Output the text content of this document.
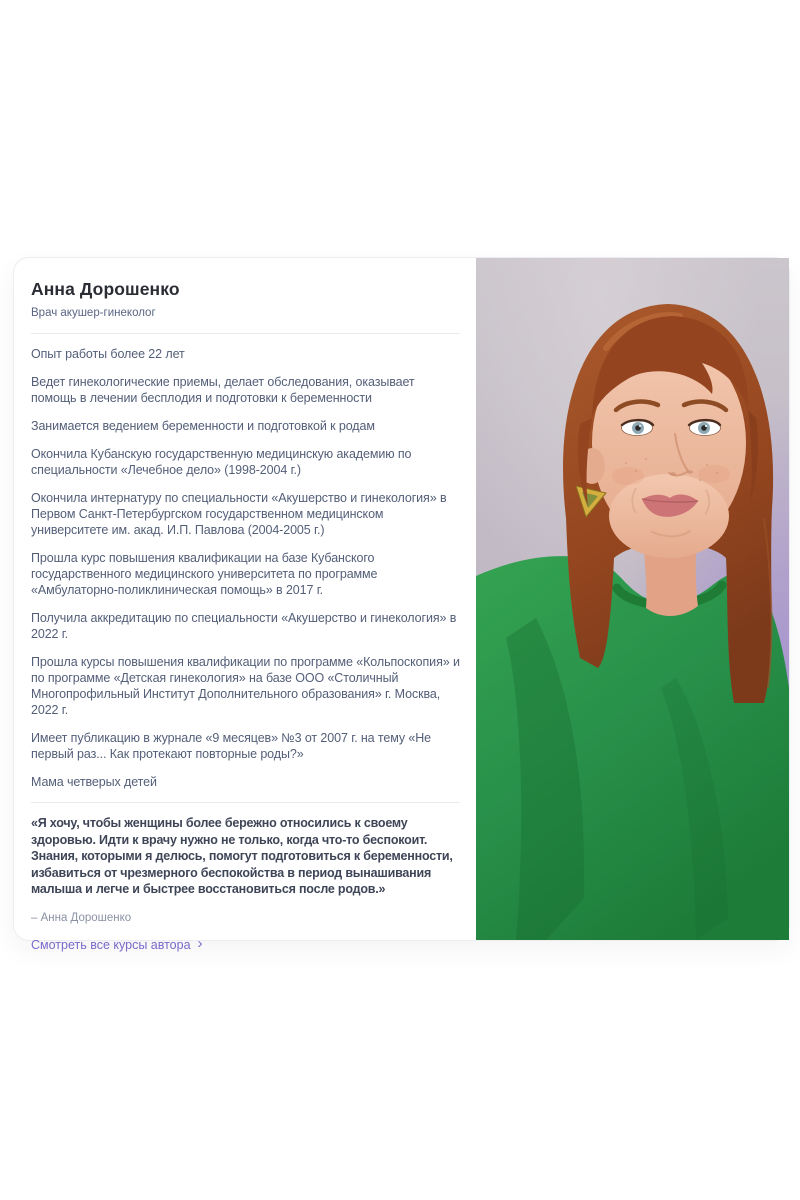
Анна Дорошенко
Врач акушер-гинеколог

Опыт работы более 22 лет

Ведет гинекологические приемы, делает обследования, оказывает помощь в лечении бесплодия и подготовки к беременности

Занимается ведением беременности и подготовкой к родам

Окончила Кубанскую государственную медицинскую академию по специальности «Лечебное дело» (1998-2004 г.)

Окончила интернатуру по специальности «Акушерство и гинекология» в Первом Санкт-Петербургском государственном медицинском университете им. акад. И.П. Павлова (2004-2005 г.)

Прошла курс повышения квалификации на базе Кубанского государственного медицинского университета по программе «Амбулаторно-поликлиническая помощь» в 2017 г.

Получила аккредитацию по специальности «Акушерство и гинекология» в 2022 г.

Прошла курсы повышения квалификации по программе «Кольпоскопия» и по программе «Детская гинекология» на базе ООО «Столичный Многопрофильный Институт Дополнительного образования» г. Москва, 2022 г.

Имеет публикацию в журнале «9 месяцев» №3 от 2007 г. на тему «Не первый раз... Как протекают повторные роды?»

Мама четверых детей

«Я хочу, чтобы женщины более бережно относились к своему здоровью. Идти к врачу нужно не только, когда что-то беспокоит. Знания, которыми я делюсь, помогут подготовиться к беременности, избавиться от чрезмерного беспокойства в период вынашивания малыша и легче и быстрее восстановиться после родов.»

– Анна Дорошенко

Смотреть все курсы автора ›
